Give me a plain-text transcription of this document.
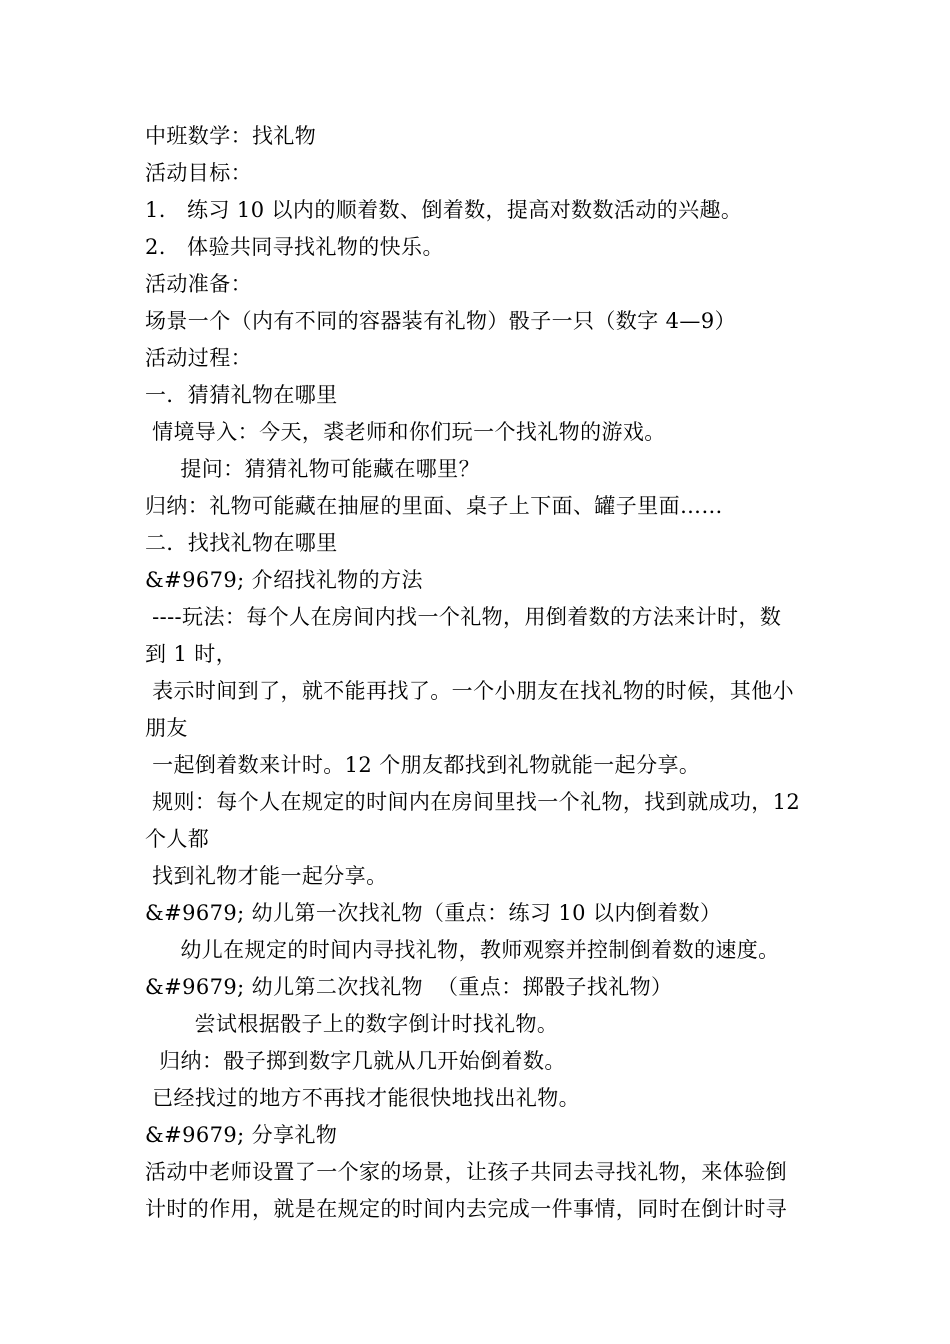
中班数学：找礼物
活动目标：
1.   练习 10 以内的顺着数、倒着数，提高对数数活动的兴趣。
2.   体验共同寻找礼物的快乐。
活动准备：
场景一个（内有不同的容器装有礼物）骰子一只（数字 4—9）
活动过程：
一．猜猜礼物在哪里
情境导入：今天，裘老师和你们玩一个找礼物的游戏。
提问：猜猜礼物可能藏在哪里？
归纳：礼物可能藏在抽屉的里面、桌子上下面、罐子里面……
二．找找礼物在哪里
&#9679; 介绍找礼物的方法
----玩法：每个人在房间内找一个礼物，用倒着数的方法来计时，数
到 1 时，
表示时间到了，就不能再找了。一个小朋友在找礼物的时候，其他小
朋友
一起倒着数来计时。12 个朋友都找到礼物就能一起分享。
规则：每个人在规定的时间内在房间里找一个礼物，找到就成功，12
个人都
找到礼物才能一起分享。
&#9679; 幼儿第一次找礼物（重点：练习 10 以内倒着数）
幼儿在规定的时间内寻找礼物，教师观察并控制倒着数的速度。
&#9679; 幼儿第二次找礼物  （重点：掷骰子找礼物）
尝试根据骰子上的数字倒计时找礼物。
归纳：骰子掷到数字几就从几开始倒着数。
已经找过的地方不再找才能很快地找出礼物。
&#9679; 分享礼物
活动中老师设置了一个家的场景，让孩子共同去寻找礼物，来体验倒
计时的作用，就是在规定的时间内去完成一件事情，同时在倒计时寻
